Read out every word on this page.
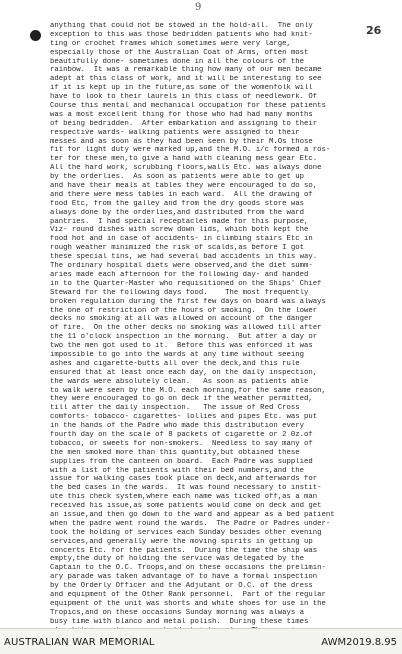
9
26
anything that could not be stowed in the hold-all.  The only
exception to this was those bedridden patients who had knit-
ting or crochet frames which sometimes were very large,
especially those of the Australian Coat of Arms, often most
beautifully done- sometimes done in all the colours of the
rainbow.  It was a remarkable thing how many of our men became
adept at this class of work, and it will be interesting to see
if it is kept up in the future,as some of the womenfolk will
have to look to their laurels in this class of needlework. Of
Course this mental and mechanical occupation for these patients
was a most excellent thing for those who had had many months
of being bedridden.  After embarkation and assigning to their
respective wards- walking patients were assigned to their
messes and as soon as they had been seen by their M.Os those
fit for light duty were marked up,and the M.O. i/c formed a ros-
ter for these men,to give a hand with cleaning mess gear Etc.
All the hard work, scrubbing floors,walls Etc. was always done
by the orderlies.  As soon as patients were able to get up
and have their meals at tables they were encouraged to do so,
and there were mess tables in each ward.  All the drawing of
food Etc, from the galley and from the dry goods store was
always done by the orderlies,and distributed from the ward
pantries.  I had special receptacles made for this purpose,
Viz- round dishes with screw down lids, which both kept the
food hot and in case of accidents- in climbing stairs Etc in
rough weather minimized the risk of scalds,as before I got
these special tins, we had several bad accidents in this way.
The ordinary hospital diets were observed,and the diet summ-
aries made each afternoon for the following day- and handed
in to the Quarter-Master who requisitioned on the Ships' Chief
Steward for the following days food.    The most frequently
broken regulation during the first few days on board was always
the one of restriction of the hours of smoking.  On the lower
decks no smoking at all was allowed on account of the danger
of fire.  On the other decks no smoking was allowed till after
the 11 o'clock inspection in the morning.  But after a day or
two the men got used to it.  Before this was enforced it was
impossible to go into the wards at any time without seeing
ashes and cigarette-butts all over the deck,and this rule
ensured that at least once each day, on the daily inspection,
the wards were absolutely clean.   As soon as patients able
to walk were seen by the M.O. each morning,for the same reason,
they were encouraged to go on deck if the weather permitted,
till after the daily inspection.   The issue of Red Cross
comforts- tobacco- cigarettes- lollies and pipes Etc. was put
in the hands of the Padre who made this distribution every
fourth day on the scale of 8 packets of cigarette or 2 0z.of
tobacco, or sweets for non-smokers.  Needless to say many of
the men smoked more than this quantity,but obtained these
supplies from the canteen on board.  Each Padre was supplied
with a list of the patients with their bed numbers,and the
issue for walking cases took place on deck,and afterwards for
the bed cases in the wards.  It was found necessary to instit-
ute this check system,where each name was ticked off,as a man
received his issue,as some patients would come on deck and get
an issue,and then go down to the ward and appear as a bed patient
when the padre went round the wards.  The Padre or Padres under-
took the holding of services each Sunday besides other evening
services,and generally were the moving spirits in getting up
concerts Etc. for the patients.  During the time the ship was
empty,the duty of holding the service was delegated by the
Captain to the O.C. Troops,and on these occasions the prelimin-
ary parade was taken advantage of to have a formal inspection
by the Orderly Officer and the Adjutant or O.C. of the dress
and equipment of the Other Rank personnel.  Part of the regular
equipment of the unit was shorts and white shoes for use in the
Tropics,and on these occasions Sunday morning was always a
busy time with blanco and metal polish.  During these times
AUSTRALIAN WAR MEMORIAL	AWM2019.8.95
